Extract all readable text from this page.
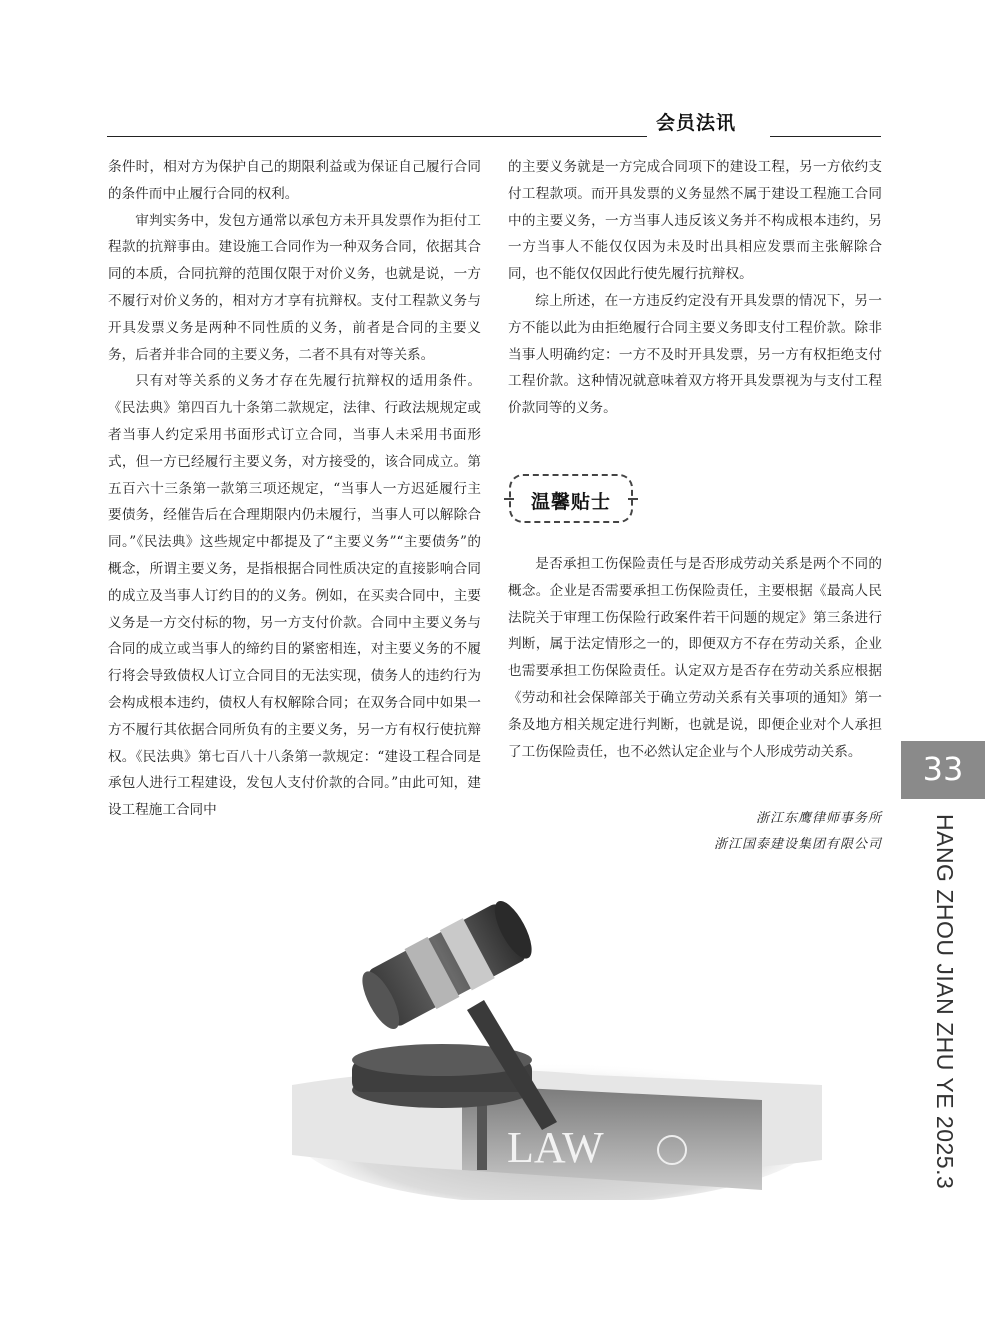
会员法讯

条件时，相对方为保护自己的期限利益或为保证自己履行合同的条件而中止履行合同的权利。

审判实务中，发包方通常以承包方未开具发票作为拒付工程款的抗辩事由。建设施工合同作为一种双务合同，依据其合同的本质，合同抗辩的范围仅限于对价义务，也就是说，一方不履行对价义务的，相对方才享有抗辩权。支付工程款义务与开具发票义务是两种不同性质的义务，前者是合同的主要义务，后者并非合同的主要义务，二者不具有对等关系。

只有对等关系的义务才存在先履行抗辩权的适用条件。《民法典》第四百九十条第二款规定，法律、行政法规规定或者当事人约定采用书面形式订立合同，当事人未采用书面形式，但一方已经履行主要义务，对方接受的，该合同成立。第五百六十三条第一款第三项还规定，“当事人一方迟延履行主要债务，经催告后在合理期限内仍未履行，当事人可以解除合同。”《民法典》这些规定中都提及了“主要义务”“主要债务”的概念，所谓主要义务，是指根据合同性质决定的直接影响合同的成立及当事人订约目的的义务。例如，在买卖合同中，主要义务是一方交付标的物，另一方支付价款。合同中主要义务与合同的成立或当事人的缔约目的紧密相连，对主要义务的不履行将会导致债权人订立合同目的无法实现，债务人的违约行为会构成根本违约，债权人有权解除合同；在双务合同中如果一方不履行其依据合同所负有的主要义务，另一方有权行使抗辩权。《民法典》第七百八十八条第一款规定：“建设工程合同是承包人进行工程建设，发包人支付价款的合同。”由此可知，建设工程施工合同中

的主要义务就是一方完成合同项下的建设工程，另一方依约支付工程款项。而开具发票的义务显然不属于建设工程施工合同中的主要义务，一方当事人违反该义务并不构成根本违约，另一方当事人不能仅仅因为未及时出具相应发票而主张解除合同，也不能仅仅因此行使先履行抗辩权。

综上所述，在一方违反约定没有开具发票的情况下，另一方不能以此为由拒绝履行合同主要义务即支付工程价款。除非当事人明确约定：一方不及时开具发票，另一方有权拒绝支付工程价款。这种情况就意味着双方将开具发票视为与支付工程价款同等的义务。

温馨贴士

是否承担工伤保险责任与是否形成劳动关系是两个不同的概念。企业是否需要承担工伤保险责任，主要根据《最高人民法院关于审理工伤保险行政案件若干问题的规定》第三条进行判断，属于法定情形之一的，即便双方不存在劳动关系，企业也需要承担工伤保险责任。认定双方是否存在劳动关系应根据《劳动和社会保障部关于确立劳动关系有关事项的通知》第一条及地方相关规定进行判断，也就是说，即便企业对个人承担了工伤保险责任，也不必然认定企业与个人形成劳动关系。

浙江东鹰律师事务所
浙江国泰建设集团有限公司
33
HANG ZHOU JIAN ZHU YE 2025.3
LAW
